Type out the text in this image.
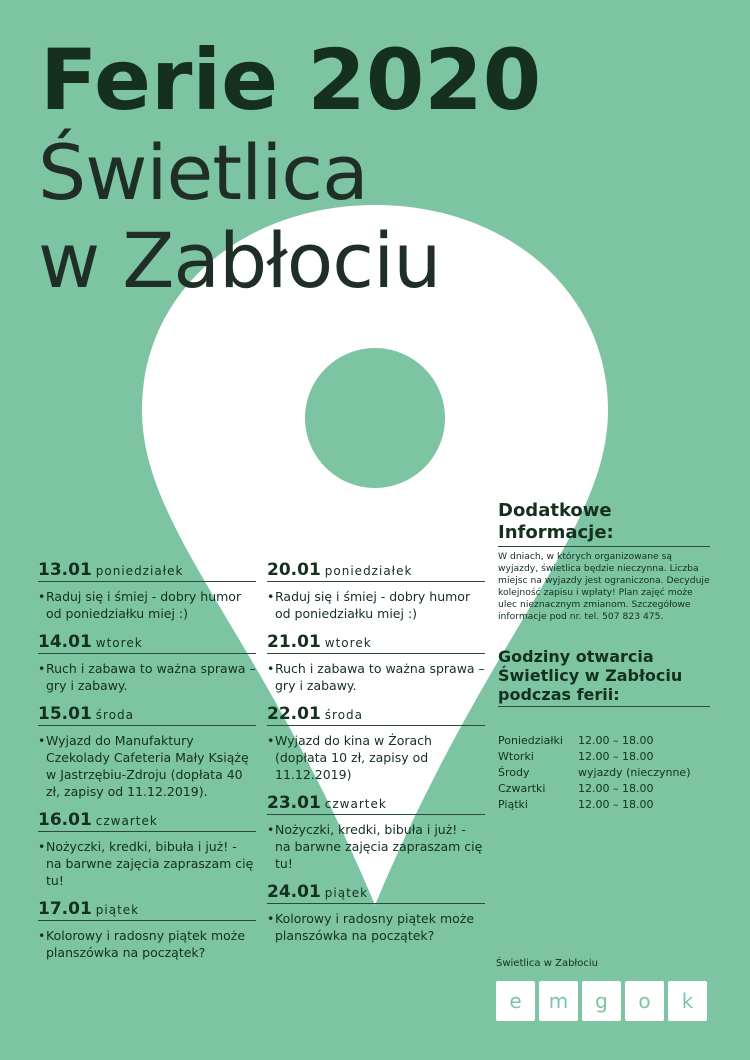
Ferie 2020
Świetlica
w Zabłociu
13.01 poniedziałek
• Raduj się i śmiej - dobry humor od poniedziałku miej :)
14.01 wtorek
• Ruch i zabawa to ważna sprawa – gry i zabawy.
15.01 środa
• Wyjazd do Manufaktury Czekolady Cafeteria Mały Książę w Jastrzębiu-Zdroju (dopłata 40 zł, zapisy od 11.12.2019).
16.01 czwartek
• Nożyczki, kredki, bibuła i już! - na barwne zajęcia zapraszam cię tu!
17.01 piątek
• Kolorowy i radosny piątek może planszówka na początek?
20.01 poniedziałek
• Raduj się i śmiej - dobry humor od poniedziałku miej :)
21.01 wtorek
• Ruch i zabawa to ważna sprawa – gry i zabawy.
22.01 środa
• Wyjazd do kina w Żorach (dopłata 10 zł, zapisy od 11.12.2019)
23.01 czwartek
• Nożyczki, kredki, bibuła i już! - na barwne zajęcia zapraszam cię tu!
24.01 piątek
• Kolorowy i radosny piątek może planszówka na początek?
Dodatkowe Informacje:
W dniach, w których organizowane są wyjazdy, świetlica będzie nieczynna. Liczba miejsc na wyjazdy jest ograniczona. Decyduje kolejność zapisu i wpłaty! Plan zajęć może ulec nieznacznym zmianom. Szczegółowe informacje pod nr. tel. 507 823 475.
Godziny otwarcia Świetlicy w Zabłociu podczas ferii:
Poniedziałki	12.00 – 18.00
Wtorki	12.00 – 18.00
Środy	wyjazdy (nieczynne)
Czwartki	12.00 – 18.00
Piątki	12.00 – 18.00
Świetlica w Zabłociu
e	m	g	o	k
